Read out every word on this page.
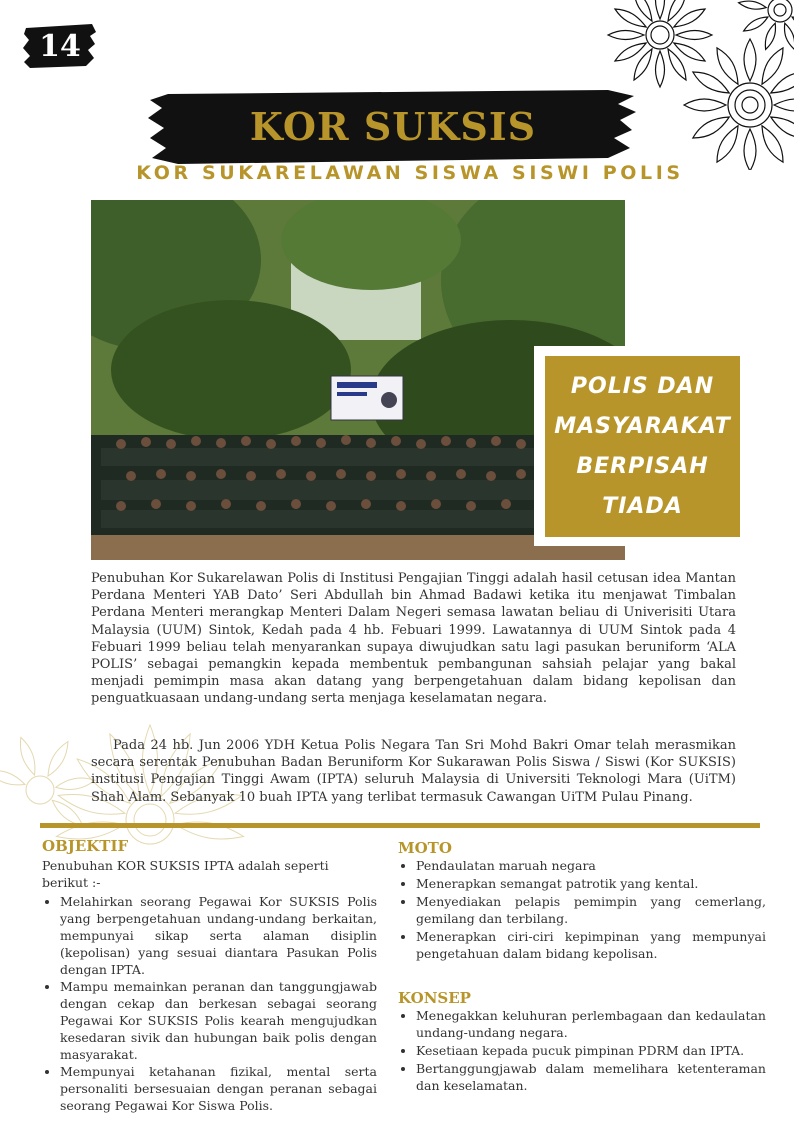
14
KOR SUKSIS
KOR SUKARELAWAN SISWA SISWI POLIS
POLIS DAN
MASYARAKAT
BERPISAH
TIADA
Penubuhan Kor Sukarelawan Polis di Institusi Pengajian Tinggi adalah hasil cetusan idea Mantan Perdana Menteri YAB Dato’ Seri Abdullah bin Ahmad Badawi ketika itu menjawat Timbalan Perdana Menteri merangkap Menteri Dalam Negeri semasa lawatan beliau di Univerisiti Utara Malaysia (UUM) Sintok, Kedah pada 4 hb. Febuari 1999. Lawatannya di UUM Sintok pada 4 Febuari 1999 beliau telah menyarankan supaya diwujudkan satu lagi pasukan beruniform ‘ALA POLIS’ sebagai pemangkin kepada membentuk pembangunan sahsiah pelajar yang bakal menjadi pemimpin masa akan datang yang berpengetahuan dalam bidang kepolisan dan penguatkuasaan undang-undang serta menjaga keselamatan negara.
Pada 24 hb. Jun 2006 YDH Ketua Polis Negara Tan Sri Mohd Bakri Omar telah merasmikan secara serentak Penubuhan Badan Beruniform Kor Sukarawan Polis Siswa / Siswi (Kor SUKSIS) institusi Pengajian Tinggi Awam (IPTA) seluruh Malaysia di Universiti Teknologi Mara (UiTM) Shah Alam. Sebanyak 10 buah IPTA yang terlibat termasuk Cawangan UiTM Pulau Pinang.
OBJEKTIF
Penubuhan KOR SUKSIS IPTA adalah seperti berikut :-
• Melahirkan seorang Pegawai Kor SUKSIS Polis yang berpengetahuan undang-undang berkaitan, mempunyai sikap serta alaman disiplin (kepolisan) yang sesuai diantara Pasukan Polis dengan IPTA.
• Mampu memainkan peranan dan tanggungjawab dengan cekap dan berkesan sebagai seorang Pegawai Kor SUKSIS Polis kearah mengujudkan kesedaran sivik dan hubungan baik polis dengan masyarakat.
• Mempunyai ketahanan fizikal, mental serta personaliti bersesuaian dengan peranan sebagai seorang Pegawai Kor Siswa Polis.
MOTO
• Pendaulatan maruah negara
• Menerapkan semangat patrotik yang kental.
• Menyediakan pelapis pemimpin yang cemerlang, gemilang dan terbilang.
• Menerapkan ciri-ciri kepimpinan yang mempunyai pengetahuan dalam bidang kepolisan.
KONSEP
• Menegakkan keluhuran perlembagaan dan kedaulatan undang-undang negara.
• Kesetiaan kepada pucuk pimpinan PDRM dan IPTA.
• Bertanggungjawab dalam memelihara ketenteraman dan keselamatan.
